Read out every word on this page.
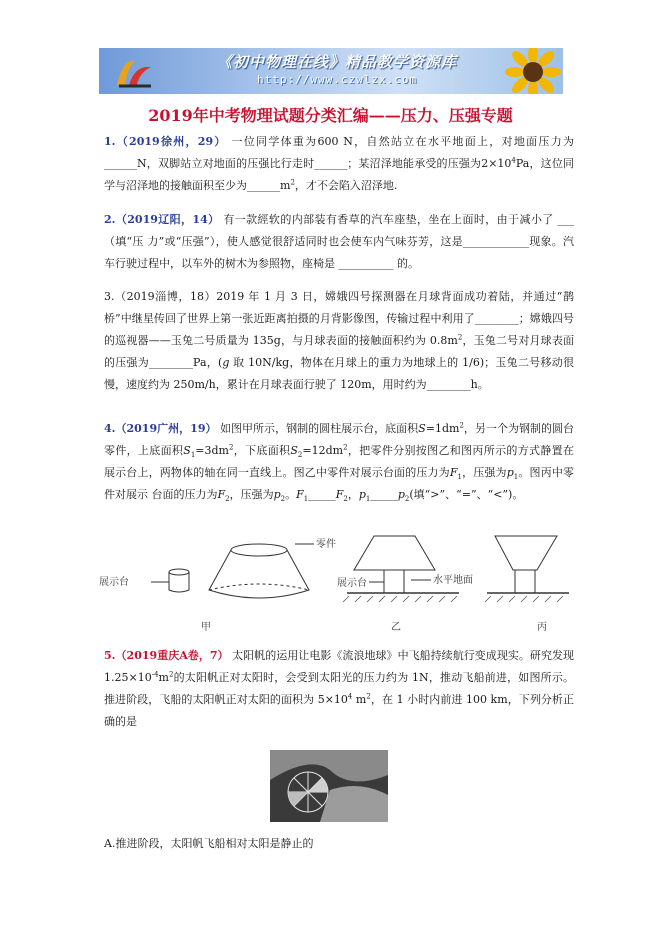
《初中物理在线》精品教学资源库
http://www.czwlzx.com
2019年中考物理试题分类汇编——压力、压强专题

1.（2019徐州，29） 一位同学体重为600 N，自然站立在水平地面上，对地面压力为______N，双脚站立对地面的压强比行走时______；某沼泽地能承受的压强为$2\times 10^4Pa$，这位同学与沼泽地的接触面积至少为$\_\_\_\_\_\_m^2$，才不会陷入沼泽地.

2.（2019辽阳，14） 有一款經软的内部装有香草的汽车座垫，坐在上面时，由于减小了 ___（填“压 力”或“压强”），使人感觉很舒适同时也会使车内气味芬芳，这是____________现象。汽车行驶过程中，以车外的树木为参照物，座椅是 __________ 的。

3.（2019淄博，18）2019 年 1 月 3 日，嫦娥四号探测器在月球背面成功着陆，并通过“鹊桥”中继星传回了世界上第一张近距离拍摄的月背影像图，传输过程中利用了________；嫦娥四号的巡视器——玉兔二号质量为 135g，与月球表面的接触面积约为 $0.8m^2$，玉兔二号对月球表面的压强为________Pa，(g 取 10N/kg，物体在月球上的重力为地球上的 1/6)；玉兔二号移动很慢，速度约为 250m/h，累计在月球表面行驶了 120m，用时约为________h。

4.（2019广州，19） 如图甲所示，钢制的圆柱展示台，底面积$S=1dm^2$，另一个为钢制的圆台零件，上底面积$S_1=3dm^2$，下底面积$S_2=12dm^2$，把零件分别按图乙和图丙所示的方式静置在展示台上，两物体的轴在同一直线上。图乙中零件对展示台面的压力为$F_1$，压强为$p_1$。图丙中零件对展示 台面的压力为$F_2$，压强为$p_2$。$F_1\_\_\_\_\_F_2$，$p_1\_\_\_\_\_p_2$(填“>”、“=”、“<”)。

展示台
零件
展示台	水平地面
甲	乙	丙

5.（2019重庆A卷，7） 太阳帆的运用让电影《流浪地球》中飞船持续航行变成现实。研究发现 $1.25\times 10^{-4}m^2$的太阳帆正对太阳时，会受到太阳光的压力约为 1N，推动飞船前进，如图所示。推进阶段，飞船的太阳帆正对太阳的面积为 $5\times 10^4$ $m^2$，在 1 小时内前进 100 km，下列分析正确的是

A.推进阶段，太阳帆飞船相对太阳是静止的
